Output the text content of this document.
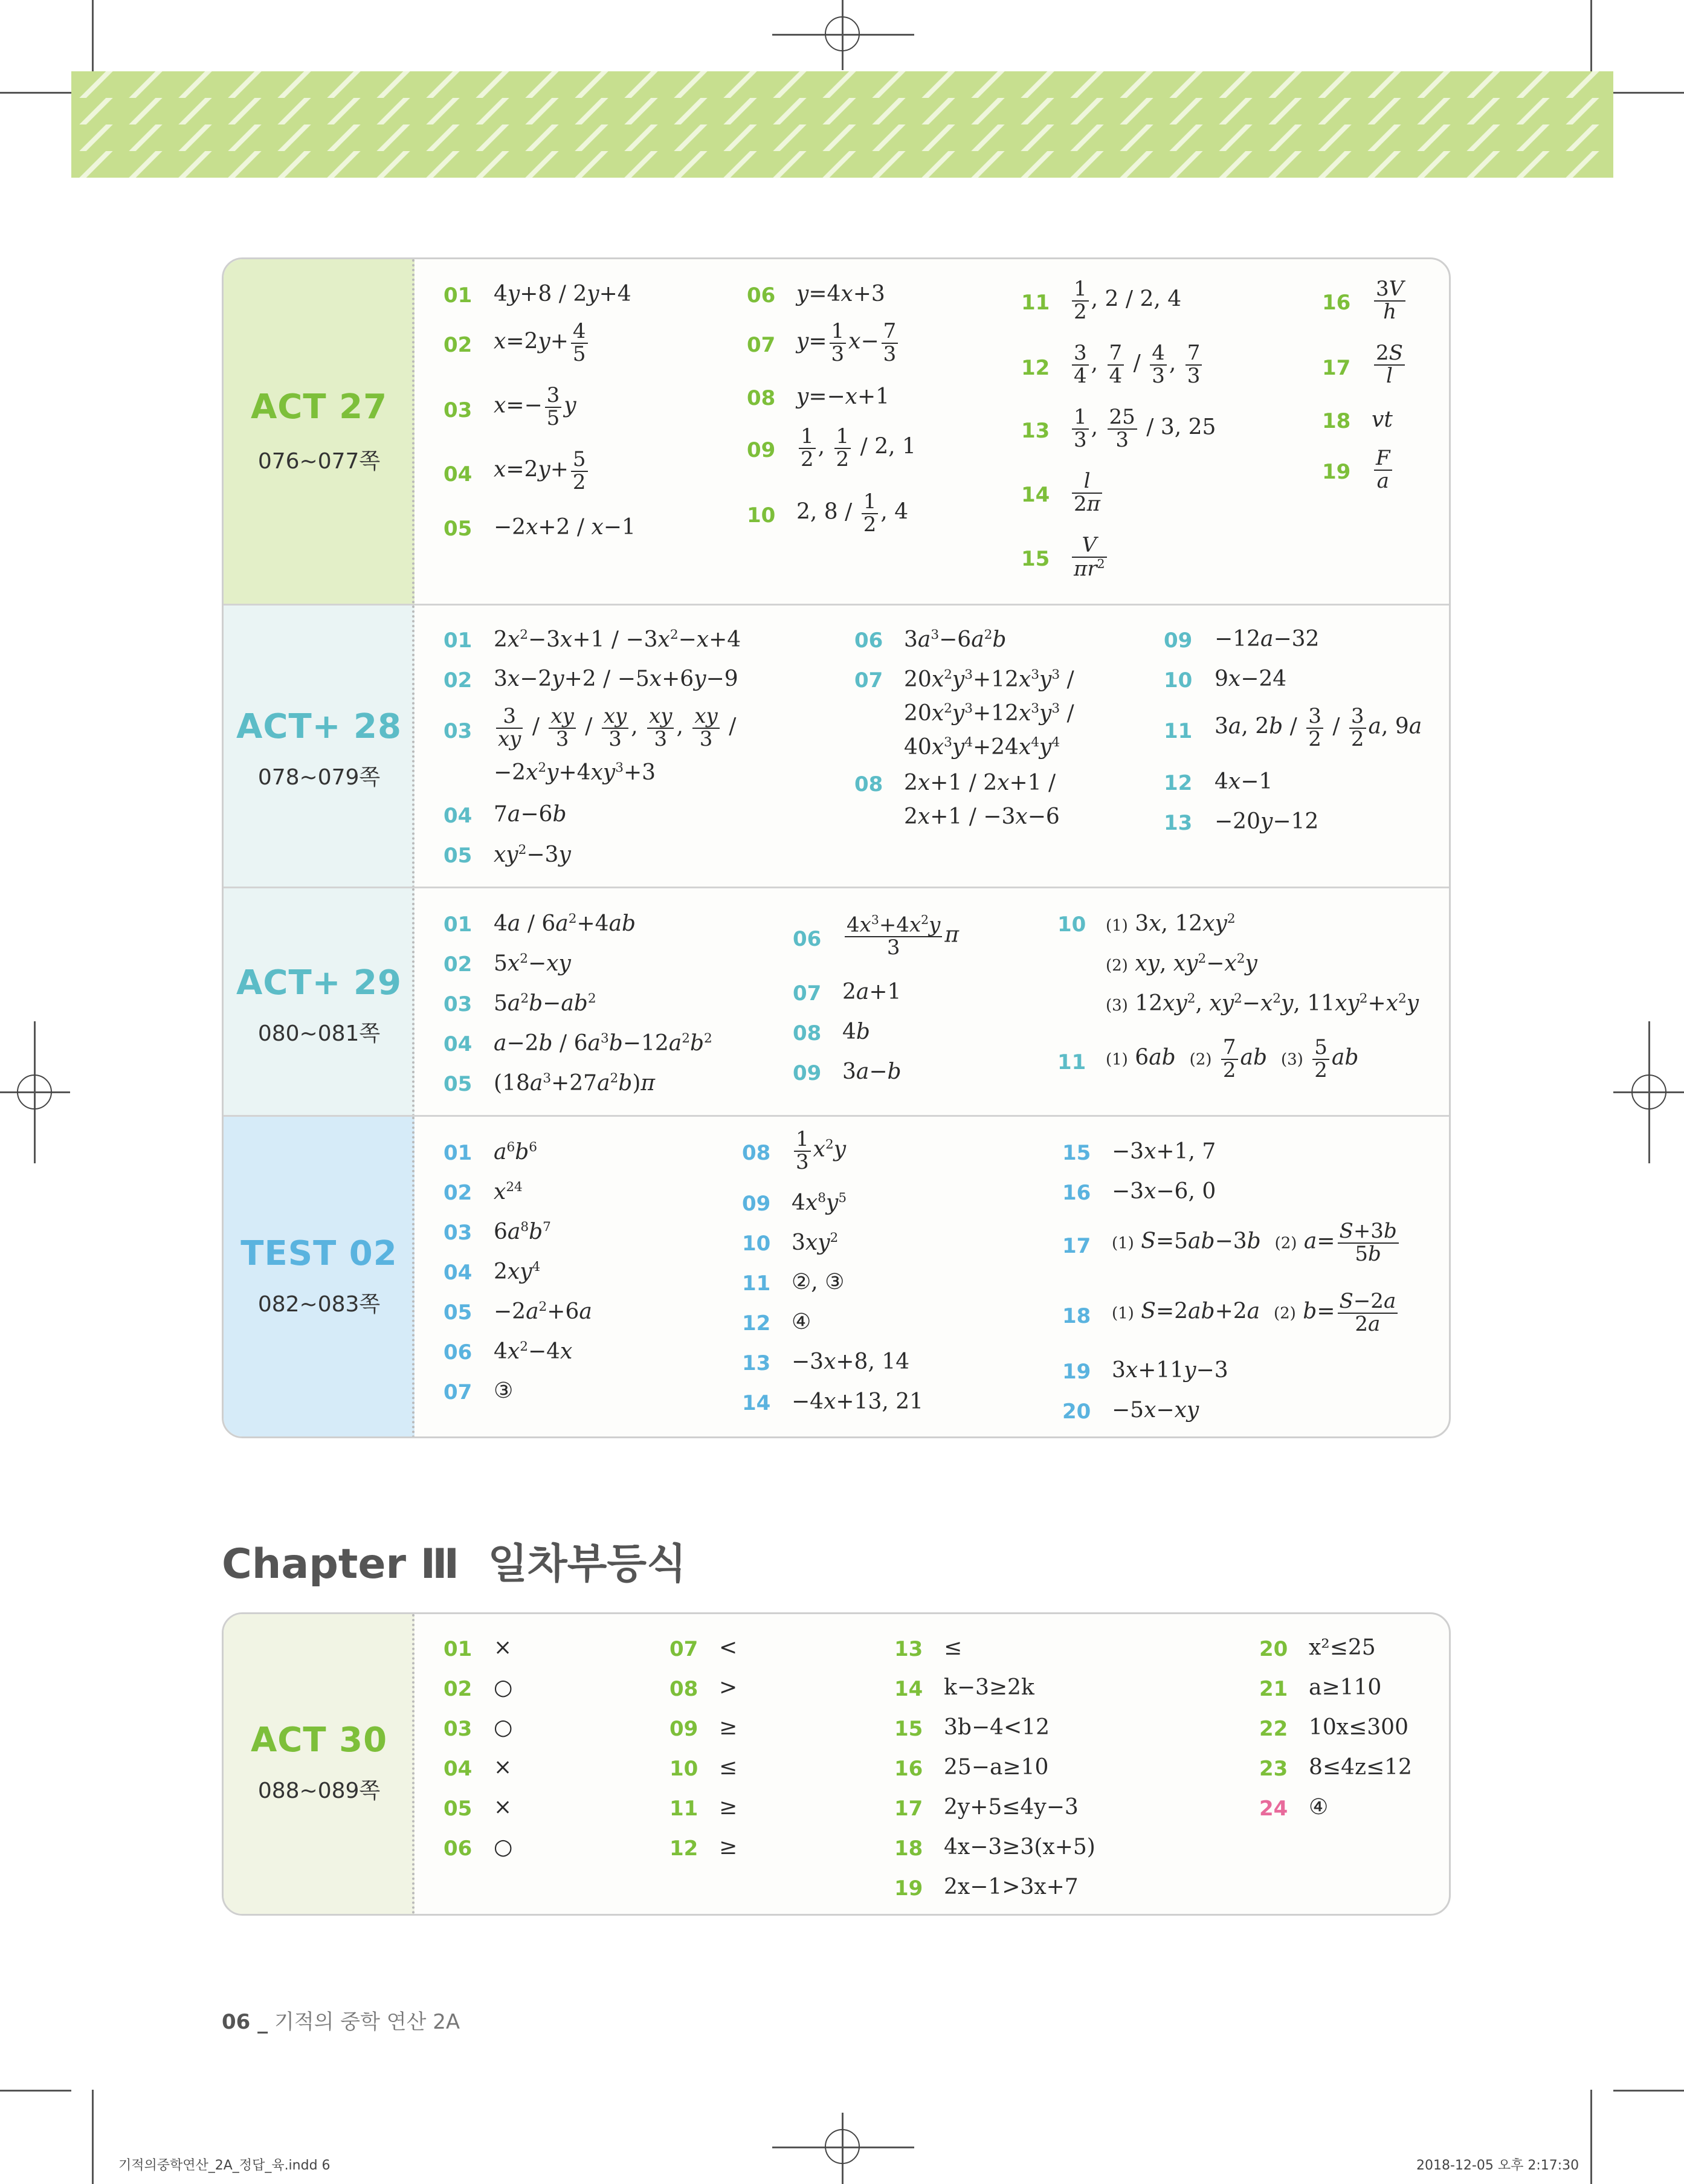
ACT 27
076~077쪽
01 4y+8 / 2y+4
02 $x=2y+ \frac{4}{5}$
03 $x=- \frac{3}{5}$ y
04 $x=2y+ \frac{5}{2}$
05 −2x+2 / x−1
06 y=4x+3
07 $y= \frac{1}{3} x- \frac{7}{3}$
08 y=−x+1
$09 \frac{1}{2}$ , $\frac{1}{2} / 2$, 1
10 2, $8 / \frac{1}{2}$ , 4
$11 \frac{1}{2}$ , 2 / 2, 4
$12 \frac{3}{4}$ , $\frac{7}{4} / \frac{4}{3}$ , $\frac{7}{3}$
$13 \frac{1}{3}$ , $\frac{25}{3} / 3$, 25
$14 \frac{l}{2\pi}$
$15 \frac{V}{\pi r^2}$
$16 \frac{3V}{h}$
$17 \frac{2S}{l}$
18 vt
$19 \frac{F}{a}$
ACT+ 28
078~079쪽
01 $2x^2-3x+1 / -3x^2-x+4$
02 3x−2y+2 / −5x+6y−9
$03 \frac{3}{xy} / \frac{xy}{3} / \frac{xy}{3}$ , $\frac{xy}{3}$ , $\frac{xy}{3}$ /
$-2x^2y+4xy^3+3$
04 7a−6b
05 $xy^2-3y$
06 $3a^3-6a^2b$
07 $20x^2y^3+12x^3y^3$ /
$20x^2y^3+12x^3y^3$ /
$40x^3y^4+24x^4y^4$
08 2x+1 / 2x+1 /
2x+1 / −3x−6
09 −12a−32
10 9x−24
11 3a, $2b / \frac{3}{2} / \frac{3}{2} a$, 9a
12 4x−1
13 −20y−12
ACT+ 29
080~081쪽
01 $4a / 6a^2+4ab$
02 $5x^2-xy$
03 $5a^2b-ab^2$
04 $a-2b / 6a^3b-12a^2b^2$
05 $(18a^3+27a^2b)\pi$
$06 \frac{4x^3+4x^2y}{3}$ π
07 2a+1
08 4b
09 3a−b
10 (1) 3x, $12xy^2$
(2) xy, $xy^2-x^2y$
(3) $12xy^2$, $xy^2-x^2y$, $11xy^2+x^2y$
11 (1) 6ab $(2) \frac{7}{2}$ ab $(3) \frac{5}{2}$ ab
TEST 02
082~083쪽
01 $a^6b^6$
02 $x^{24}$
03 $6a^8b^7$
04 $2xy^4$
$05 -2a^2+6a$
06 $4x^2-4x$
07 ③
$08 \frac{1}{3} x^2y$
09 $4x^8y^5$
10 $3xy^2$
11 ②, ③
12 ④
13 −3x+8, 14
14 −4x+13, 21
15 −3x+1, 7
16 −3x−6, 0
17 (1) S=5ab−3b (2) $a= \frac{S+3b}{5b}$
18 (1) S=2ab+2a (2) $b= \frac{S-2a}{2a}$
19 3x+11y−3
20 −5x−xy
Chapter Ⅲ 일차부등식
ACT 30
088~089쪽
01 ×
02 ○
03 ○
04 ×
05 ×
06 ○
07 <
08 >
09 ≥
10 ≤
11 ≥
12 ≥
13 ≤
14 k−3≥2k
15 3b−4<12
16 25−a≥10
17 2y+5≤4y−3
18 4x−3≥3(x+5)
19 2x−1>3x+7
20 x²≤25
21 a≥110
22 10x≤300
23 8≤4z≤12
24 ④
06 _ 기적의 중학 연산 2A
기적의중학연산_2A_정답_육.indd 6	2018-12-05 오후 2:17:30
